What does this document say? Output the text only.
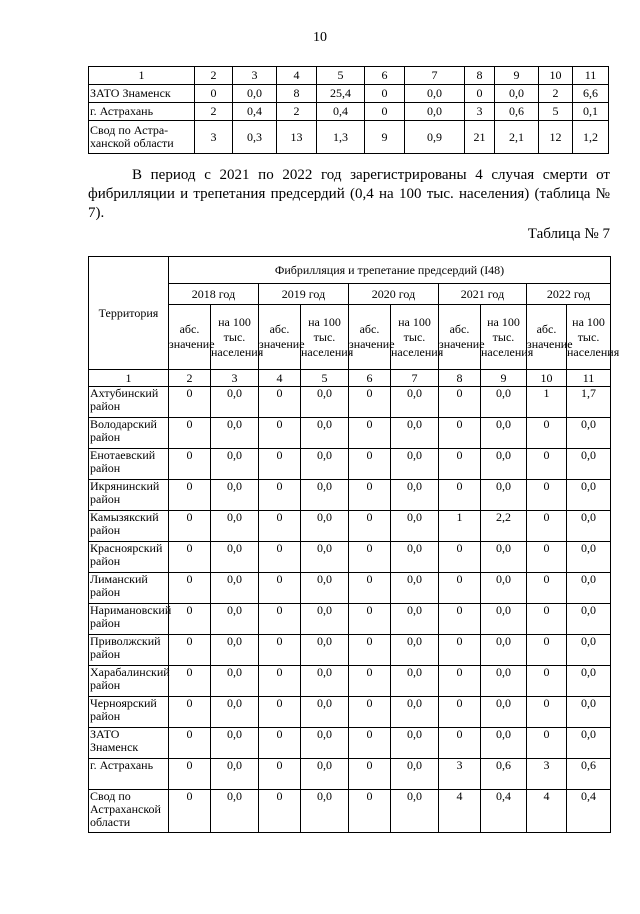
10
1	2	3	4	5	6	7	8	9	10	11
ЗАТО Знаменск	0	0,0	8	25,4	0	0,0	0	0,0	2	6,6
г. Астрахань	2	0,4	2	0,4	0	0,0	3	0,6	5	0,1
Свод по Астра-ханской области	3	0,3	13	1,3	9	0,9	21	2,1	12	1,2
В период с 2021 по 2022 год зарегистрированы 4 случая смерти от фибрилляции и трепетания предсердий (0,4 на 100 тыс. населения) (таблица № 7).
Таблица № 7
Территория	Фибрилляция и трепетание предсердий (I48)									
	2018 год		2019 год		2020 год		2021 год		2022 год	
	абс. значение	на 100 тыс. населения	абс. значение	на 100 тыс. населения	абс. значение	на 100 тыс. населения	абс. значение	на 100 тыс. населения	абс. значение	на 100 тыс. населения
1	2	3	4	5	6	7	8	9	10	11
Ахтубинский район	0	0,0	0	0,0	0	0,0	0	0,0	1	1,7
Володарский район	0	0,0	0	0,0	0	0,0	0	0,0	0	0,0
Енотаевский район	0	0,0	0	0,0	0	0,0	0	0,0	0	0,0
Икрянинский район	0	0,0	0	0,0	0	0,0	0	0,0	0	0,0
Камызякский район	0	0,0	0	0,0	0	0,0	1	2,2	0	0,0
Красноярский район	0	0,0	0	0,0	0	0,0	0	0,0	0	0,0
Лиманский район	0	0,0	0	0,0	0	0,0	0	0,0	0	0,0
Наримановский район	0	0,0	0	0,0	0	0,0	0	0,0	0	0,0
Приволжский район	0	0,0	0	0,0	0	0,0	0	0,0	0	0,0
Харабалинский район	0	0,0	0	0,0	0	0,0	0	0,0	0	0,0
Черноярский район	0	0,0	0	0,0	0	0,0	0	0,0	0	0,0
ЗАТО Знаменск	0	0,0	0	0,0	0	0,0	0	0,0	0	0,0
г. Астрахань	0	0,0	0	0,0	0	0,0	3	0,6	3	0,6
Свод по Астраханской области	0	0,0	0	0,0	0	0,0	4	0,4	4	0,4
